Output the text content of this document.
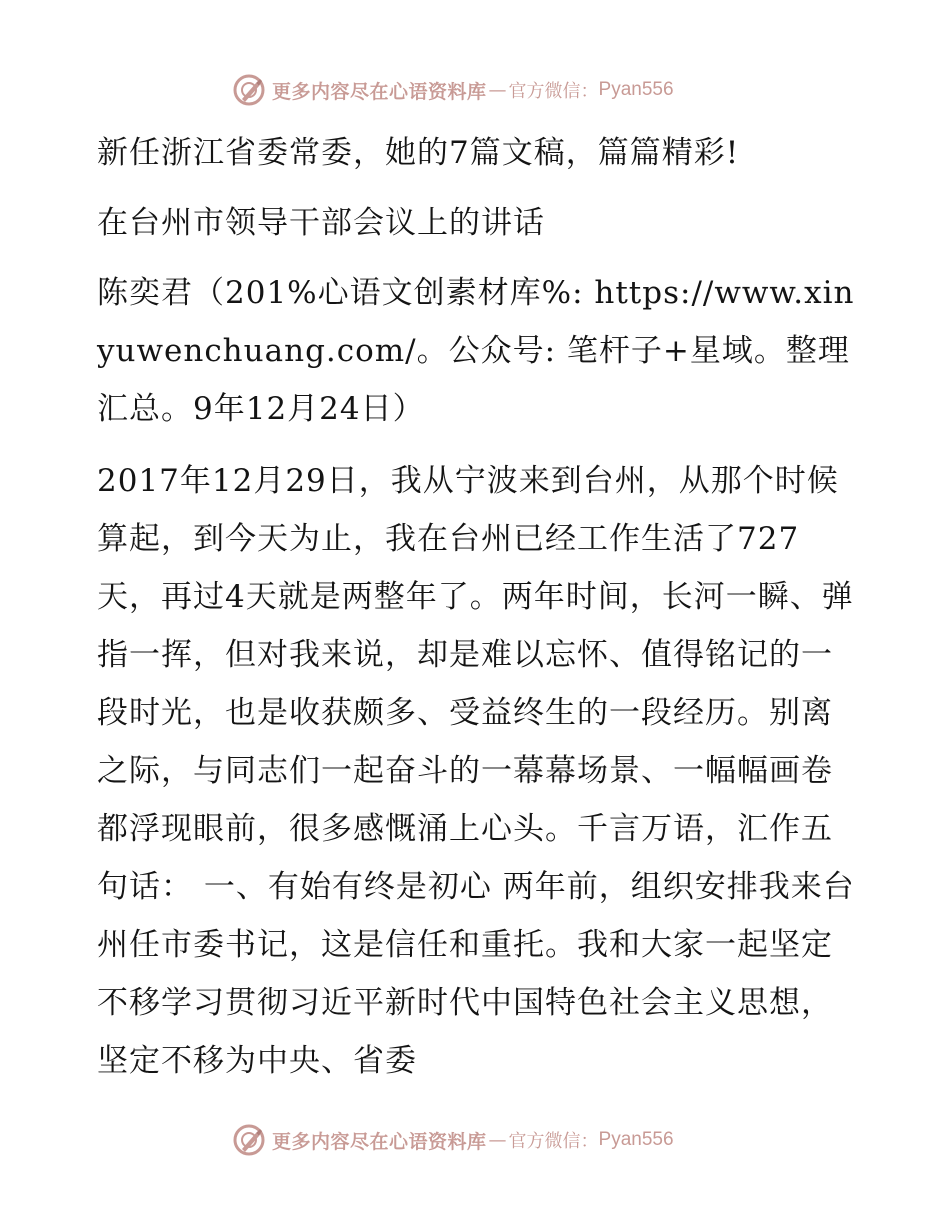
更多内容尽在心语资料库 — 官方微信： Pyan556

新任浙江省委常委，她的7篇文稿，篇篇精彩!

在台州市领导干部会议上的讲话

陈奕君（201%心语文创素材库%: https://www.xinyuwenchuang.com/。公众号: 笔杆子+星域。整理汇总。9年12月24日）

2017年12月29日，我从宁波来到台州，从那个时候算起，到今天为止，我在台州已经工作生活了727天，再过4天就是两整年了。两年时间，长河一瞬、弹指一挥，但对我来说，却是难以忘怀、值得铭记的一段时光，也是收获颇多、受益终生的一段经历。别离之际，与同志们一起奋斗的一幕幕场景、一幅幅画卷都浮现眼前，很多感慨涌上心头。千言万语，汇作五句话： 一、有始有终是初心 两年前，组织安排我来台州任市委书记，这是信任和重托。我和大家一起坚定不移学习贯彻习近平新时代中国特色社会主义思想，坚定不移为中央、省委

更多内容尽在心语资料库 — 官方微信： Pyan556
